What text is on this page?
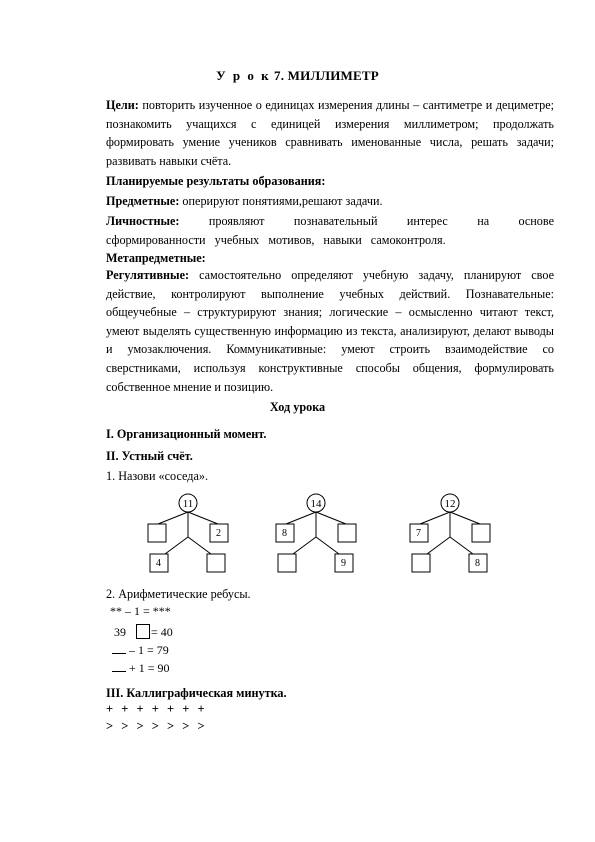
У р о к 7. МИЛЛИМЕТР
Цели: повторить изученное о единицах измерения длины – сантиметре и дециметре; познакомить учащихся с единицей измерения миллиметром; продолжать формировать умение учеников сравнивать именованные числа, решать задачи; развивать навыки счёта.
Планируемые результаты образования:
Предметные: оперируют понятиями,решают задачи.
Личностные: проявляют познавательный интерес на основе сформированности учебных мотивов, навыки самоконтроля.
Метапредметные:
Регулятивные: самостоятельно определяют учебную задачу, планируют свое действие, контролируют выполнение учебных действий. Познавательные: общеучебные – структурируют знания; логические – осмысленно читают текст, умеют выделять существенную информацию из текста, анализируют, делают выводы и умозаключения. Коммуникативные: умеют строить взаимодействие со сверстниками, используя конструктивные способы общения, формулировать собственное мнение и позицию.
Ход урока
I. Организационный момент.
II. Устный счёт.
1. Назови «соседа».
11
2
4
14
8
9
12
7
8
2. Арифметические ребусы.
** – 1 = ***
39 = 40
– 1 = 79
+ 1 = 90
III. Каллиграфическая минутка.
+ + + + + + +
> > > > > > >
